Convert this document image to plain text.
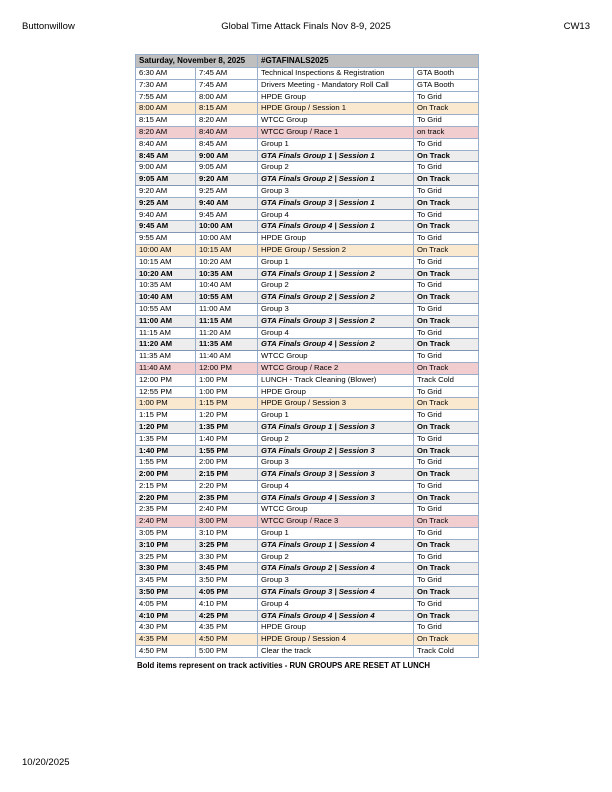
Buttonwillow	Global Time Attack Finals Nov 8-9, 2025	CW13
Saturday, November 8, 2025		#GTAFINALS2025	
6:30 AM	7:45 AM	Technical Inspections & Registration	GTA Booth
7:30 AM	7:45 AM	Drivers Meeting - Mandatory Roll Call	GTA Booth
7:55 AM	8:00 AM	HPDE Group	To Grid
8:00 AM	8:15 AM	HPDE Group / Session 1	On Track
8:15 AM	8:20 AM	WTCC Group	To Grid
8:20 AM	8:40 AM	WTCC Group / Race 1	on track
8:40 AM	8:45 AM	Group 1	To Grid
8:45 AM	9:00 AM	GTA Finals Group 1 | Session 1	On Track
9:00 AM	9:05 AM	Group 2	To Grid
9:05 AM	9:20 AM	GTA Finals Group 2 | Session 1	On Track
9:20 AM	9:25 AM	Group 3	To Grid
9:25 AM	9:40 AM	GTA Finals Group 3 | Session 1	On Track
9:40 AM	9:45 AM	Group 4	To Grid
9:45 AM	10:00 AM	GTA Finals Group 4 | Session 1	On Track
9:55 AM	10:00 AM	HPDE Group	To Grid
10:00 AM	10:15 AM	HPDE Group / Session 2	On Track
10:15 AM	10:20 AM	Group 1	To Grid
10:20 AM	10:35 AM	GTA Finals Group 1 | Session 2	On Track
10:35 AM	10:40 AM	Group 2	To Grid
10:40 AM	10:55 AM	GTA Finals Group 2 | Session 2	On Track
10:55 AM	11:00 AM	Group 3	To Grid
11:00 AM	11:15 AM	GTA Finals Group 3 | Session 2	On Track
11:15 AM	11:20 AM	Group 4	To Grid
11:20 AM	11:35 AM	GTA Finals Group 4 | Session 2	On Track
11:35 AM	11:40 AM	WTCC Group	To Grid
11:40 AM	12:00 PM	WTCC Group / Race 2	On Track
12:00 PM	1:00 PM	LUNCH - Track Cleaning (Blower)	Track Cold
12:55 PM	1:00 PM	HPDE Group	To Grid
1:00 PM	1:15 PM	HPDE Group / Session 3	On Track
1:15 PM	1:20 PM	Group 1	To Grid
1:20 PM	1:35 PM	GTA Finals Group 1 | Session 3	On Track
1:35 PM	1:40 PM	Group 2	To Grid
1:40 PM	1:55 PM	GTA Finals Group 2 | Session 3	On Track
1:55 PM	2:00 PM	Group 3	To Grid
2:00 PM	2:15 PM	GTA Finals Group 3 | Session 3	On Track
2:15 PM	2:20 PM	Group 4	To Grid
2:20 PM	2:35 PM	GTA Finals Group 4 | Session 3	On Track
2:35 PM	2:40 PM	WTCC Group	To Grid
2:40 PM	3:00 PM	WTCC Group / Race 3	On Track
3:05 PM	3:10 PM	Group 1	To Grid
3:10 PM	3:25 PM	GTA Finals Group 1 | Session 4	On Track
3:25 PM	3:30 PM	Group 2	To Grid
3:30 PM	3:45 PM	GTA Finals Group 2 | Session 4	On Track
3:45 PM	3:50 PM	Group 3	To Grid
3:50 PM	4:05 PM	GTA Finals Group 3 | Session 4	On Track
4:05 PM	4:10 PM	Group 4	To Grid
4:10 PM	4:25 PM	GTA Finals Group 4 | Session 4	On Track
4:30 PM	4:35 PM	HPDE Group	To Grid
4:35 PM	4:50 PM	HPDE Group / Session 4	On Track
4:50 PM	5:00 PM	Clear the track	Track Cold
Bold items represent on track activities - RUN GROUPS ARE RESET AT LUNCH
10/20/2025
